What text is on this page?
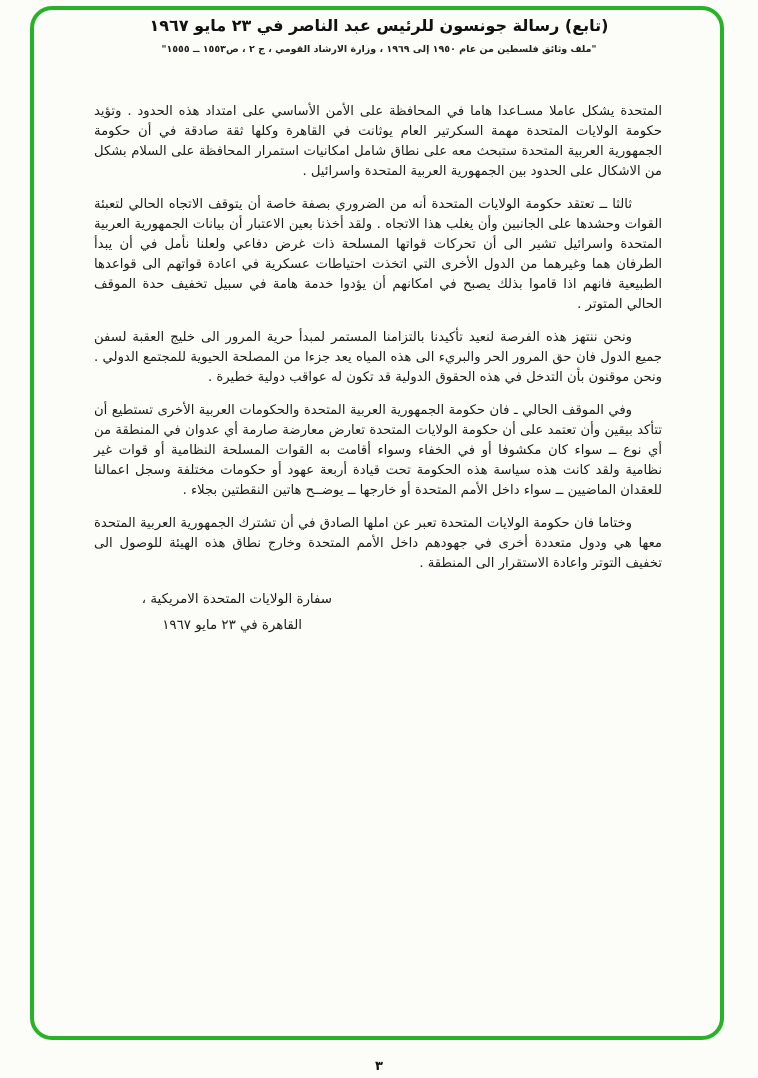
(تابع) رسالة جونسون للرئيس عبد الناصر في ٢٣ مايو ١٩٦٧
"ملف وثائق فلسطين من عام ١٩٥٠ إلى ١٩٦٩ ، وزارة الارشاد القومي ، ج ٢ ، ص١٥٥٣ ــ ١٥٥٥"

المتحدة يشكل عاملا مسـاعدا هاما في المحافظة على الأمن الأساسي على امتداد هذه الحدود . وتؤيد حكومة الولايات المتحدة مهمة السكرتير العام يوثانت في القاهرة وكلها ثقة صادقة في أن حكومة الجمهورية العربية المتحدة ستبحث معه على نطاق شامل امكانيات استمرار المحافظة على السلام بشكل من الاشكال على الحدود بين الجمهورية العربية المتحدة واسرائيل .

ثالثا ــ تعتقد حكومة الولايات المتحدة أنه من الضروري بصفة خاصة أن يتوقف الاتجاه الحالي لتعبئة القوات وحشدها على الجانبين وأن يغلب هذا الاتجاه . ولقد أخذنا بعين الاعتبار أن بيانات الجمهورية العربية المتحدة واسرائيل تشير الى أن تحركات قواتها المسلحة ذات غرض دفاعي ولعلنا نأمل في أن يبدأ الطرفان هما وغيرهما من الدول الأخرى التي اتخذت احتياطات عسكرية في اعادة قواتهم الى قواعدها الطبيعية فانهم اذا قاموا بذلك يصبح في امكانهم أن يؤدوا خدمة هامة في سبيل تخفيف حدة الموقف الحالي المتوتر .

ونحن ننتهز هذه الفرصة لنعيد تأكيدنا بالتزامنا المستمر لمبدأ حرية المرور الى خليج العقبة لسفن جميع الدول فان حق المرور الحر والبريء الى هذه المياه يعد جزءا من المصلحة الحيوية للمجتمع الدولي . ونحن موقنون بأن التدخل في هذه الحقوق الدولية قد تكون له عواقب دولية خطيرة .

وفي الموقف الحالي ـ فان حكومة الجمهورية العربية المتحدة والحكومات العربية الأخرى تستطيع أن تتأكد بيقين وأن تعتمد على أن حكومة الولايات المتحدة تعارض معارضة صارمة أي عدوان في المنطقة من أي نوع ــ سواء كان مكشوفا أو في الخفاء وسواء أقامت به القوات المسلحة النظامية أو قوات غير نظامية ولقد كانت هذه سياسة هذه الحكومة تحت قيادة أربعة عهود أو حكومات مختلفة وسجل اعمالنا للعقدان الماضيين ــ سواء داخل الأمم المتحدة أو خارجها ــ يوضــح هاتين النقطتين بجلاء .

وختاما فان حكومة الولايات المتحدة تعبر عن املها الصادق في أن تشترك الجمهورية العربية المتحدة معها هي ودول متعددة أخرى في جهودهم داخل الأمم المتحدة وخارج نطاق هذه الهيئة للوصول الى تخفيف التوتر واعادة الاستقرار الى المنطقة .

سفارة الولايات المتحدة الامريكية ،
القاهرة في ٢٣ مايو ١٩٦٧
٣
